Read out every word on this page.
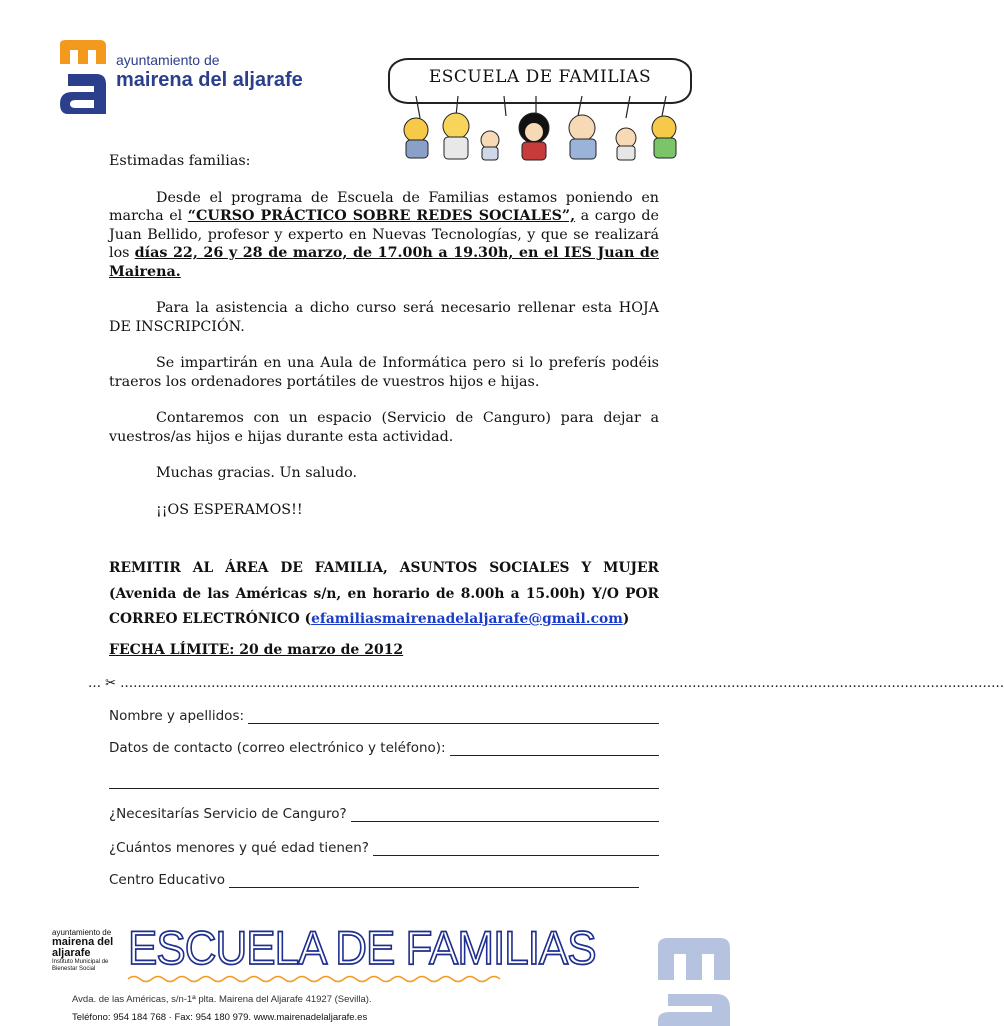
ayuntamiento de
mairena del aljarafe	ESCUELA DE FAMILIAS

Estimadas familias:

Desde el programa de Escuela de Familias estamos poniendo en marcha el “CURSO PRÁCTICO SOBRE REDES SOCIALES”, a cargo de Juan Bellido, profesor y experto en Nuevas Tecnologías, y que se realizará los días 22, 26 y 28 de marzo, de 17.00h a 19.30h, en el IES Juan de Mairena.

Para la asistencia a dicho curso será necesario rellenar esta HOJA DE INSCRIPCIÓN.

Se impartirán en una Aula de Informática pero si lo preferís podéis traeros los ordenadores portátiles de vuestros hijos e hijas.

Contaremos con un espacio (Servicio de Canguro) para dejar a vuestros/as hijos e hijas durante esta actividad.

Muchas gracias. Un saludo.

¡¡OS ESPERAMOS!!

REMITIR AL ÁREA DE FAMILIA, ASUNTOS SOCIALES Y MUJER (Avenida de las Américas s/n, en horario de 8.00h a 15.00h) Y/O POR CORREO ELECTRÓNICO (efamiliasmairenadelaljarafe@gmail.com)
FECHA LÍMITE: 20 de marzo de 2012
… ✂ ……………………………………………………………………………………………………………………………………………………………………………………
Nombre y apellidos:
Datos de contacto (correo electrónico y teléfono):
¿Necesitarías Servicio de Canguro?
¿Cuántos menores y qué edad tienen?
Centro Educativo
ayuntamiento de
mairena del
aljarafe
Instituto Municipal de
Bienestar Social ESCUELA DE FAMILIAS
Avda. de las Américas, s/n-1ª plta. Mairena del Aljarafe 41927 (Sevilla).
Teléfono: 954 184 768 · Fax: 954 180 979. www.mairenadelaljarafe.es
